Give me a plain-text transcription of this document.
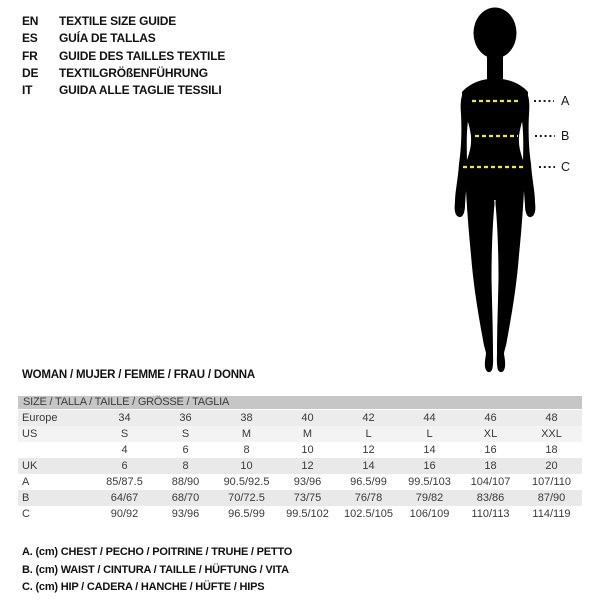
EN	TEXTILE SIZE GUIDE
ES	GUÍA DE TALLAS
FR	GUIDE DES TAILLES TEXTILE
DE	TEXTILGRÖßENFÜHRUNG
IT	GUIDA ALLE TAGLIE TESSILI
A
B
C
WOMAN / MUJER / FEMME / FRAU / DONNA
SIZE / TALLA / TAILLE / GRÖSSE / TAGLIA
Europe	34	36	38	40	42	44	46	48
US	S	S	M	M	L	L	XL	XXL
	4	6	8	10	12	14	16	18
UK	6	8	10	12	14	16	18	20
A	85/87.5	88/90	90.5/92.5	93/96	96.5/99	99.5/103	104/107	107/110
B	64/67	68/70	70/72.5	73/75	76/78	79/82	83/86	87/90
C	90/92	93/96	96.5/99	99.5/102	102.5/105	106/109	110/113	114/119
A. (cm) CHEST / PECHO / POITRINE / TRUHE / PETTO
B. (cm) WAIST / CINTURA / TAILLE / HÜFTUNG / VITA
C. (cm) HIP / CADERA / HANCHE / HÜFTE / HIPS
